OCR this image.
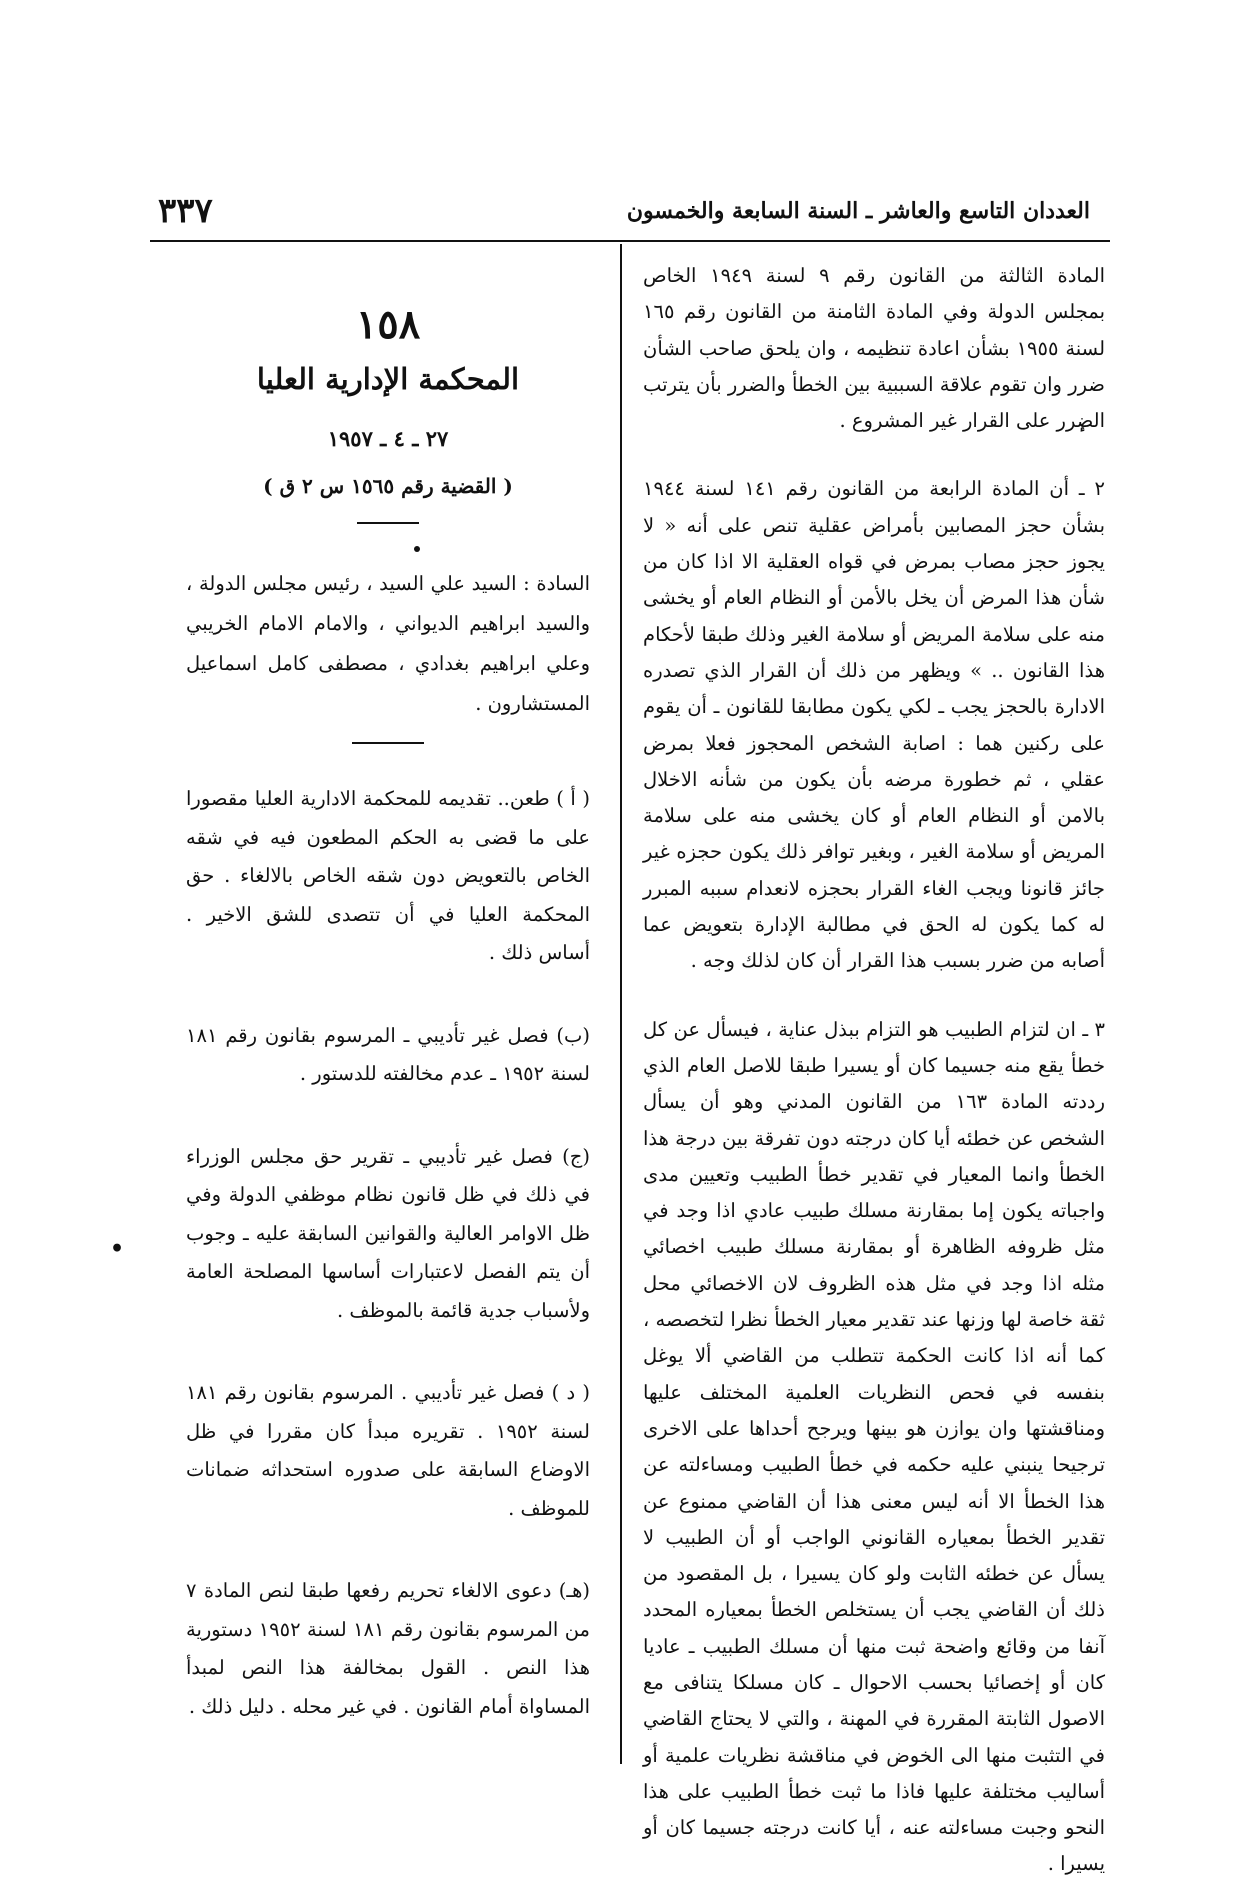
العددان التاسع والعاشر ـ السنة السابعة والخمسون
٣٣٧

المادة الثالثة من القانون رقم ٩ لسنة ١٩٤٩ الخاص بمجلس الدولة وفي المادة الثامنة من القانون رقم ١٦٥ لسنة ١٩٥٥ بشأن اعادة تنظيمه ، وان يلحق صاحب الشأن ضرر وان تقوم علاقة السببية بين الخطأ والضرر بأن يترتب الضرر على القرار غير المشروع .

٢ ـ أن المادة الرابعة من القانون رقم ١٤١ لسنة ١٩٤٤ بشأن حجز المصابين بأمراض عقلية تنص على أنه « لا يجوز حجز مصاب بمرض في قواه العقلية الا اذا كان من شأن هذا المرض أن يخل بالأمن أو النظام العام أو يخشى منه على سلامة المريض أو سلامة الغير وذلك طبقا لأحكام هذا القانون .. » ويظهر من ذلك أن القرار الذي تصدره الادارة بالحجز يجب ـ لكي يكون مطابقا للقانون ـ أن يقوم على ركنين هما : اصابة الشخص المحجوز فعلا بمرض عقلي ، ثم خطورة مرضه بأن يكون من شأنه الاخلال بالامن أو النظام العام أو كان يخشى منه على سلامة المريض أو سلامة الغير ، وبغير توافر ذلك يكون حجزه غير جائز قانونا ويجب الغاء القرار بحجزه لانعدام سببه المبرر له كما يكون له الحق في مطالبة الإدارة بتعويض عما أصابه من ضرر بسبب هذا القرار أن كان لذلك وجه .

٣ ـ ان لتزام الطبيب هو التزام ببذل عناية ، فيسأل عن كل خطأ يقع منه جسيما كان أو يسيرا طبقا للاصل العام الذي رددته المادة ١٦٣ من القانون المدني وهو أن يسأل الشخص عن خطئه أيا كان درجته دون تفرقة بين درجة هذا الخطأ وانما المعيار في تقدير خطأ الطبيب وتعيين مدى واجباته يكون إما بمقارنة مسلك طبيب عادي اذا وجد في مثل ظروفه الظاهرة أو بمقارنة مسلك طبيب اخصائي مثله اذا وجد في مثل هذه الظروف لان الاخصائي محل ثقة خاصة لها وزنها عند تقدير معيار الخطأ نظرا لتخصصه ، كما أنه اذا كانت الحكمة تتطلب من القاضي ألا يوغل بنفسه في فحص النظريات العلمية المختلف عليها ومناقشتها وان يوازن هو بينها ويرجح أحداها على الاخرى ترجيحا ينبني عليه حكمه في خطأ الطبيب ومساءلته عن هذا الخطأ الا أنه ليس معنى هذا أن القاضي ممنوع عن تقدير الخطأ بمعياره القانوني الواجب أو أن الطبيب لا يسأل عن خطئه الثابت ولو كان يسيرا ، بل المقصود من ذلك أن القاضي يجب أن يستخلص الخطأ بمعياره المحدد آنفا من وقائع واضحة ثبت منها أن مسلك الطبيب ـ عاديا كان أو إخصائيا بحسب الاحوال ـ كان مسلكا يتنافى مع الاصول الثابتة المقررة في المهنة ، والتي لا يحتاج القاضي في التثبت منها الى الخوض في مناقشة نظريات علمية أو أساليب مختلفة عليها فاذا ما ثبت خطأ الطبيب على هذا النحو وجبت مساءلته عنه ، أيا كانت درجته جسيما كان أو يسيرا .

١٥٨
المحكمة الإدارية العليا
٢٧ ـ ٤ ـ ١٩٥٧
( القضية رقم ١٥٦٥ س ٢ ق )
السادة : السيد علي السيد ، رئيس مجلس الدولة ، والسيد ابراهيم الديواني ، والامام الامام الخريبي وعلي ابراهيم بغدادي ، مصطفى كامل اسماعيل المستشارون .

( أ ) طعن.. تقديمه للمحكمة الادارية العليا مقصورا على ما قضى به الحكم المطعون فيه في شقه الخاص بالتعويض دون شقه الخاص بالالغاء . حق المحكمة العليا في أن تتصدى للشق الاخير . أساس ذلك .

(ب) فصل غير تأديبي ـ المرسوم بقانون رقم ١٨١ لسنة ١٩٥٢ ـ عدم مخالفته للدستور .

(ج) فصل غير تأديبي ـ تقرير حق مجلس الوزراء في ذلك في ظل قانون نظام موظفي الدولة وفي ظل الاوامر العالية والقوانين السابقة عليه ـ وجوب أن يتم الفصل لاعتبارات أساسها المصلحة العامة ولأسباب جدية قائمة بالموظف .

( د ) فصل غير تأديبي . المرسوم بقانون رقم ١٨١ لسنة ١٩٥٢ . تقريره مبدأ كان مقررا في ظل الاوضاع السابقة على صدوره استحداثه ضمانات للموظف .

(هـ) دعوى الالغاء تحريم رفعها طبقا لنص المادة ٧ من المرسوم بقانون رقم ١٨١ لسنة ١٩٥٢ دستورية هذا النص . القول بمخالفة هذا النص لمبدأ المساواة أمام القانون . في غير محله . دليل ذلك .

•
